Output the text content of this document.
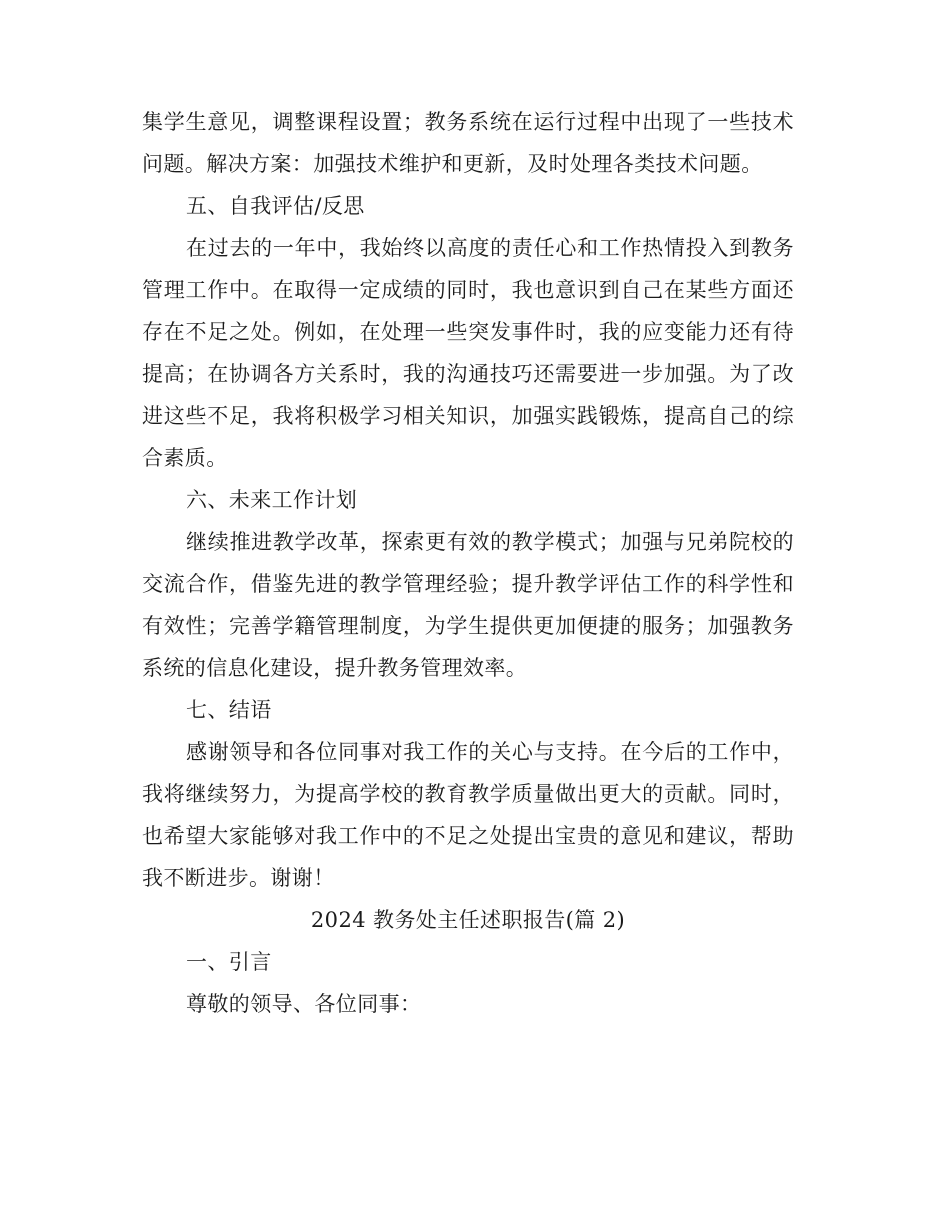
集学生意见，调整课程设置；教务系统在运行过程中出现了一些技术
问题。解决方案：加强技术维护和更新，及时处理各类技术问题。
五、自我评估/反思
在过去的一年中，我始终以高度的责任心和工作热情投入到教务
管理工作中。在取得一定成绩的同时，我也意识到自己在某些方面还
存在不足之处。例如，在处理一些突发事件时，我的应变能力还有待
提高；在协调各方关系时，我的沟通技巧还需要进一步加强。为了改
进这些不足，我将积极学习相关知识，加强实践锻炼，提高自己的综
合素质。
六、未来工作计划
继续推进教学改革，探索更有效的教学模式；加强与兄弟院校的
交流合作，借鉴先进的教学管理经验；提升教学评估工作的科学性和
有效性；完善学籍管理制度，为学生提供更加便捷的服务；加强教务
系统的信息化建设，提升教务管理效率。
七、结语
感谢领导和各位同事对我工作的关心与支持。在今后的工作中，
我将继续努力，为提高学校的教育教学质量做出更大的贡献。同时，
也希望大家能够对我工作中的不足之处提出宝贵的意见和建议，帮助
我不断进步。谢谢！
2024 教务处主任述职报告(篇 2)
一、引言
尊敬的领导、各位同事：
